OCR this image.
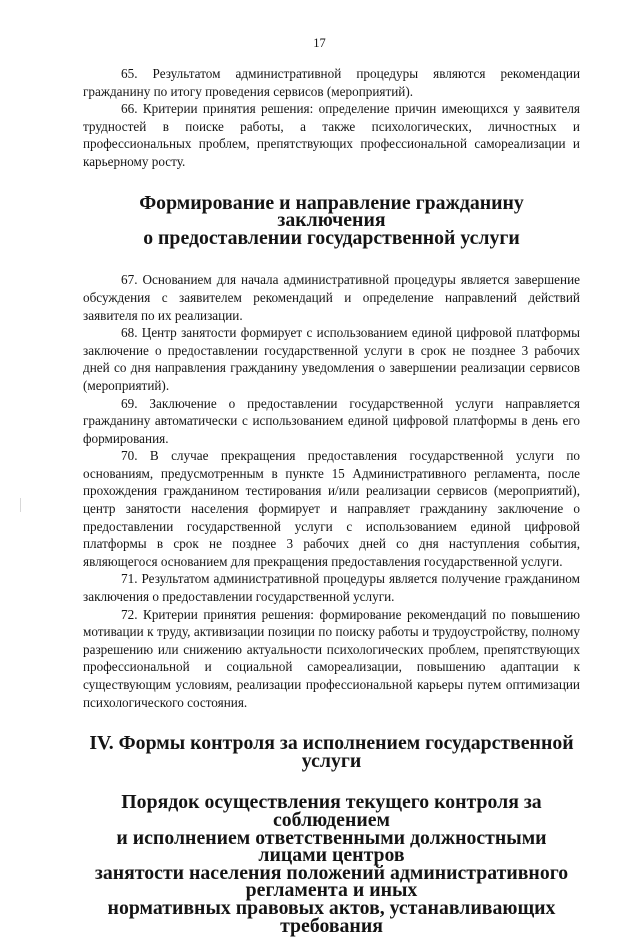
17

65. Результатом административной процедуры являются рекомендации гражданину по итогу проведения сервисов (мероприятий).

66. Критерии принятия решения: определение причин имеющихся у заявителя трудностей в поиске работы, а также психологических, личностных и профессиональных проблем, препятствующих профессиональной самореализации и карьерному росту.

Формирование и направление гражданину заключения
о предоставлении государственной услуги

67. Основанием для начала административной процедуры является завершение обсуждения с заявителем рекомендаций и определение направлений действий заявителя по их реализации.

68. Центр занятости формирует с использованием единой цифровой платформы заключение о предоставлении государственной услуги в срок не позднее 3 рабочих дней со дня направления гражданину уведомления о завершении реализации сервисов (мероприятий).

69. Заключение о предоставлении государственной услуги направляется гражданину автоматически с использованием единой цифровой платформы в день его формирования.

70. В случае прекращения предоставления государственной услуги по основаниям, предусмотренным в пункте 15 Административного регламента, после прохождения гражданином тестирования и/или реализации сервисов (мероприятий), центр занятости населения формирует и направляет гражданину заключение о предоставлении государственной услуги с использованием единой цифровой платформы в срок не позднее 3 рабочих дней со дня наступления события, являющегося основанием для прекращения предоставления государственной услуги.

71. Результатом административной процедуры является получение гражданином заключения о предоставлении государственной услуги.

72. Критерии принятия решения: формирование рекомендаций по повышению мотивации к труду, активизации позиции по поиску работы и трудоустройству, полному разрешению или снижению актуальности психологических проблем, препятствующих профессиональной и социальной самореализации, повышению адаптации к существующим условиям, реализации профессиональной карьеры путем оптимизации психологического состояния.

IV. Формы контроля за исполнением государственной услуги
Порядок осуществления текущего контроля за соблюдением
и исполнением ответственными должностными лицами центров
занятости населения положений административного регламента и иных
нормативных правовых актов, устанавливающих требования
